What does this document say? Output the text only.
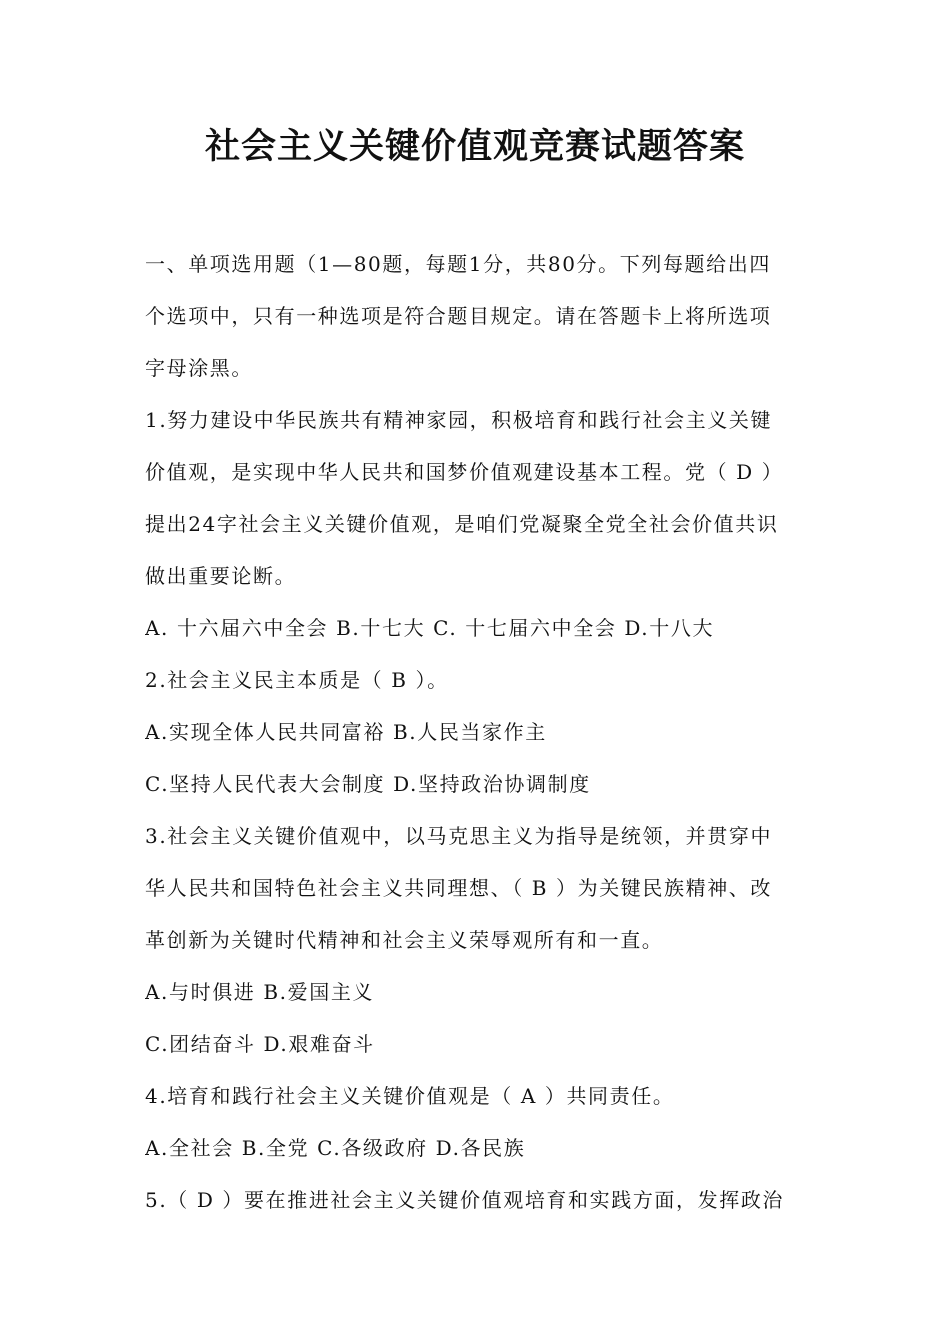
社会主义关键价值观竞赛试题答案
一、单项选用题（1—80题，每题1分，共80分。下列每题给出四
个选项中，只有一种选项是符合题目规定。请在答题卡上将所选项
字母涂黑。
1.努力建设中华民族共有精神家园，积极培育和践行社会主义关键
价值观，是实现中华人民共和国梦价值观建设基本工程。党（ D ）
提出24字社会主义关键价值观，是咱们党凝聚全党全社会价值共识
做出重要论断。
A. 十六届六中全会 B.十七大 C. 十七届六中全会 D.十八大
2.社会主义民主本质是（ B ）。
A.实现全体人民共同富裕 B.人民当家作主
C.坚持人民代表大会制度 D.坚持政治协调制度
3.社会主义关键价值观中，以马克思主义为指导是统领，并贯穿中
华人民共和国特色社会主义共同理想、（ B ）为关键民族精神、改
革创新为关键时代精神和社会主义荣辱观所有和一直。
A.与时俱进 B.爱国主义
C.团结奋斗 D.艰难奋斗
4.培育和践行社会主义关键价值观是（ A ）共同责任。
A.全社会 B.全党 C.各级政府 D.各民族
5.（ D ）要在推进社会主义关键价值观培育和实践方面，发挥政治
